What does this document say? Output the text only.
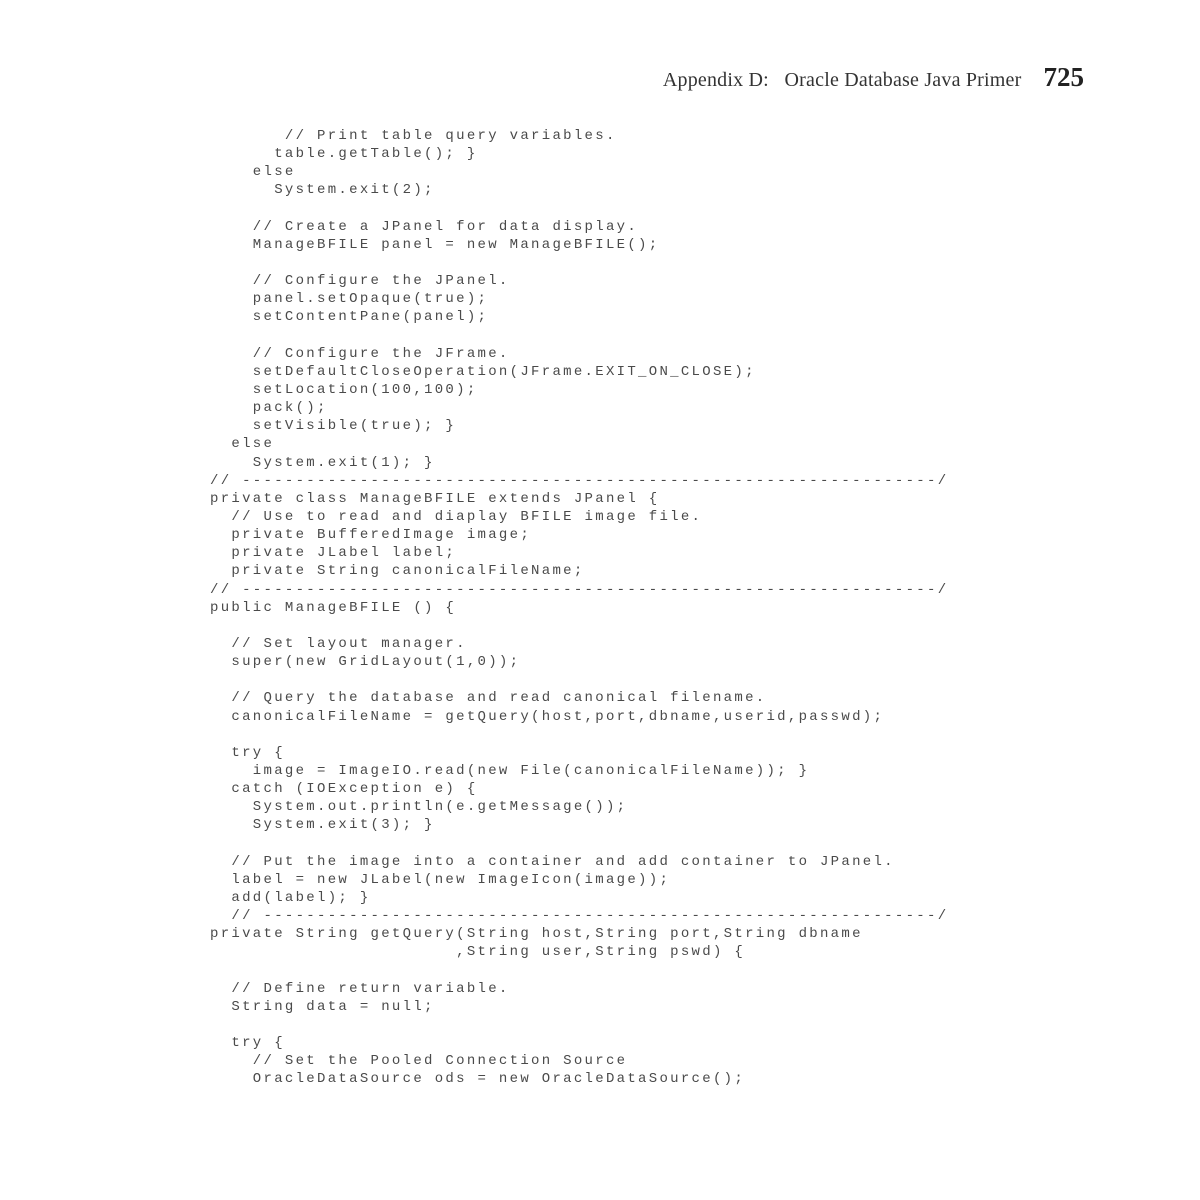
Appendix D:   Oracle Database Java Primer 725
// Print table query variables.
table.getTable(); }
else
System.exit(2);
// Create a JPanel for data display.
ManageBFILE panel = new ManageBFILE();
// Configure the JPanel.
panel.setOpaque(true);
setContentPane(panel);
// Configure the JFrame.
setDefaultCloseOperation(JFrame.EXIT_ON_CLOSE);
setLocation(100,100);
pack();
setVisible(true); }
else
System.exit(1); }
// -----------------------------------------------------------------/
private class ManageBFILE extends JPanel {
// Use to read and diaplay BFILE image file.
private BufferedImage image;
private JLabel label;
private String canonicalFileName;
// -----------------------------------------------------------------/
public ManageBFILE () {
// Set layout manager.
super(new GridLayout(1,0));
// Query the database and read canonical filename.
canonicalFileName = getQuery(host,port,dbname,userid,passwd);
try {
image = ImageIO.read(new File(canonicalFileName)); }
catch (IOException e) {
System.out.println(e.getMessage());
System.exit(3); }
// Put the image into a container and add container to JPanel.
label = new JLabel(new ImageIcon(image));
add(label); }
// ---------------------------------------------------------------/
private String getQuery(String host,String port,String dbname
,String user,String pswd) {
// Define return variable.
String data = null;
try {
// Set the Pooled Connection Source
OracleDataSource ods = new OracleDataSource();
